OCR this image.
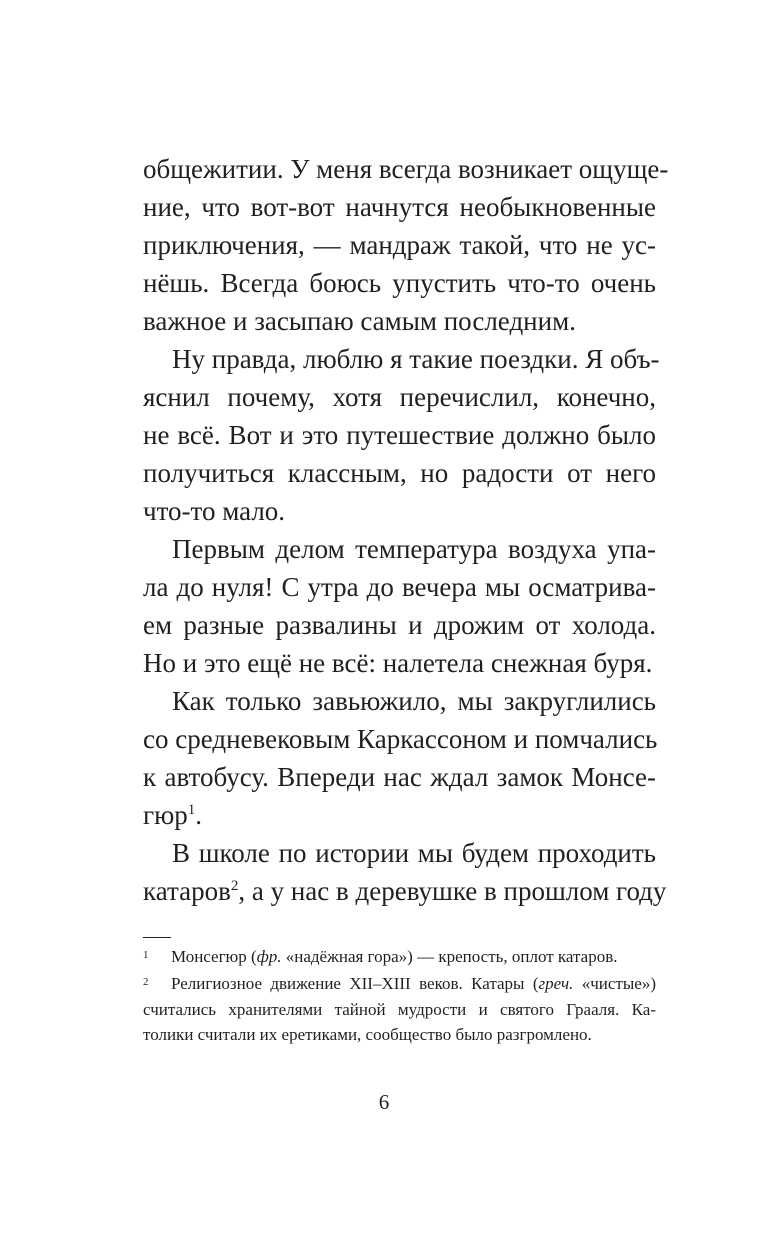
общежитии. У меня всегда возникает ощуще-
ние, что вот-вот начнутся необыкновенные
приключения, — мандраж такой, что не ус-
нёшь. Всегда боюсь упустить что-то очень
важное и засыпаю самым последним.
Ну правда, люблю я такие поездки. Я объ-
яснил почему, хотя перечислил, конечно,
не всё. Вот и это путешествие должно было
получиться классным, но радости от него
что-то мало.
Первым делом температура воздуха упа-
ла до нуля! С утра до вечера мы осматрива-
ем разные развалины и дрожим от холода.
Но и это ещё не всё: налетела снежная буря.
Как только завьюжило, мы закруглились
со средневековым Каркассоном и помчались
к автобусу. Впереди нас ждал замок Монсе-
гюр$^1$.
В школе по истории мы будем проходить
катаров$^2$, а у нас в деревушке в прошлом году
1 Монсегюр (фр. «надёжная гора») — крепость, оплот катаров.
2 Религиозное движение XII–XIII веков. Катары (греч. «чистые»)
считались хранителями тайной мудрости и святого Грааля. Ка-
толики считали их еретиками, сообщество было разгромлено.
6
